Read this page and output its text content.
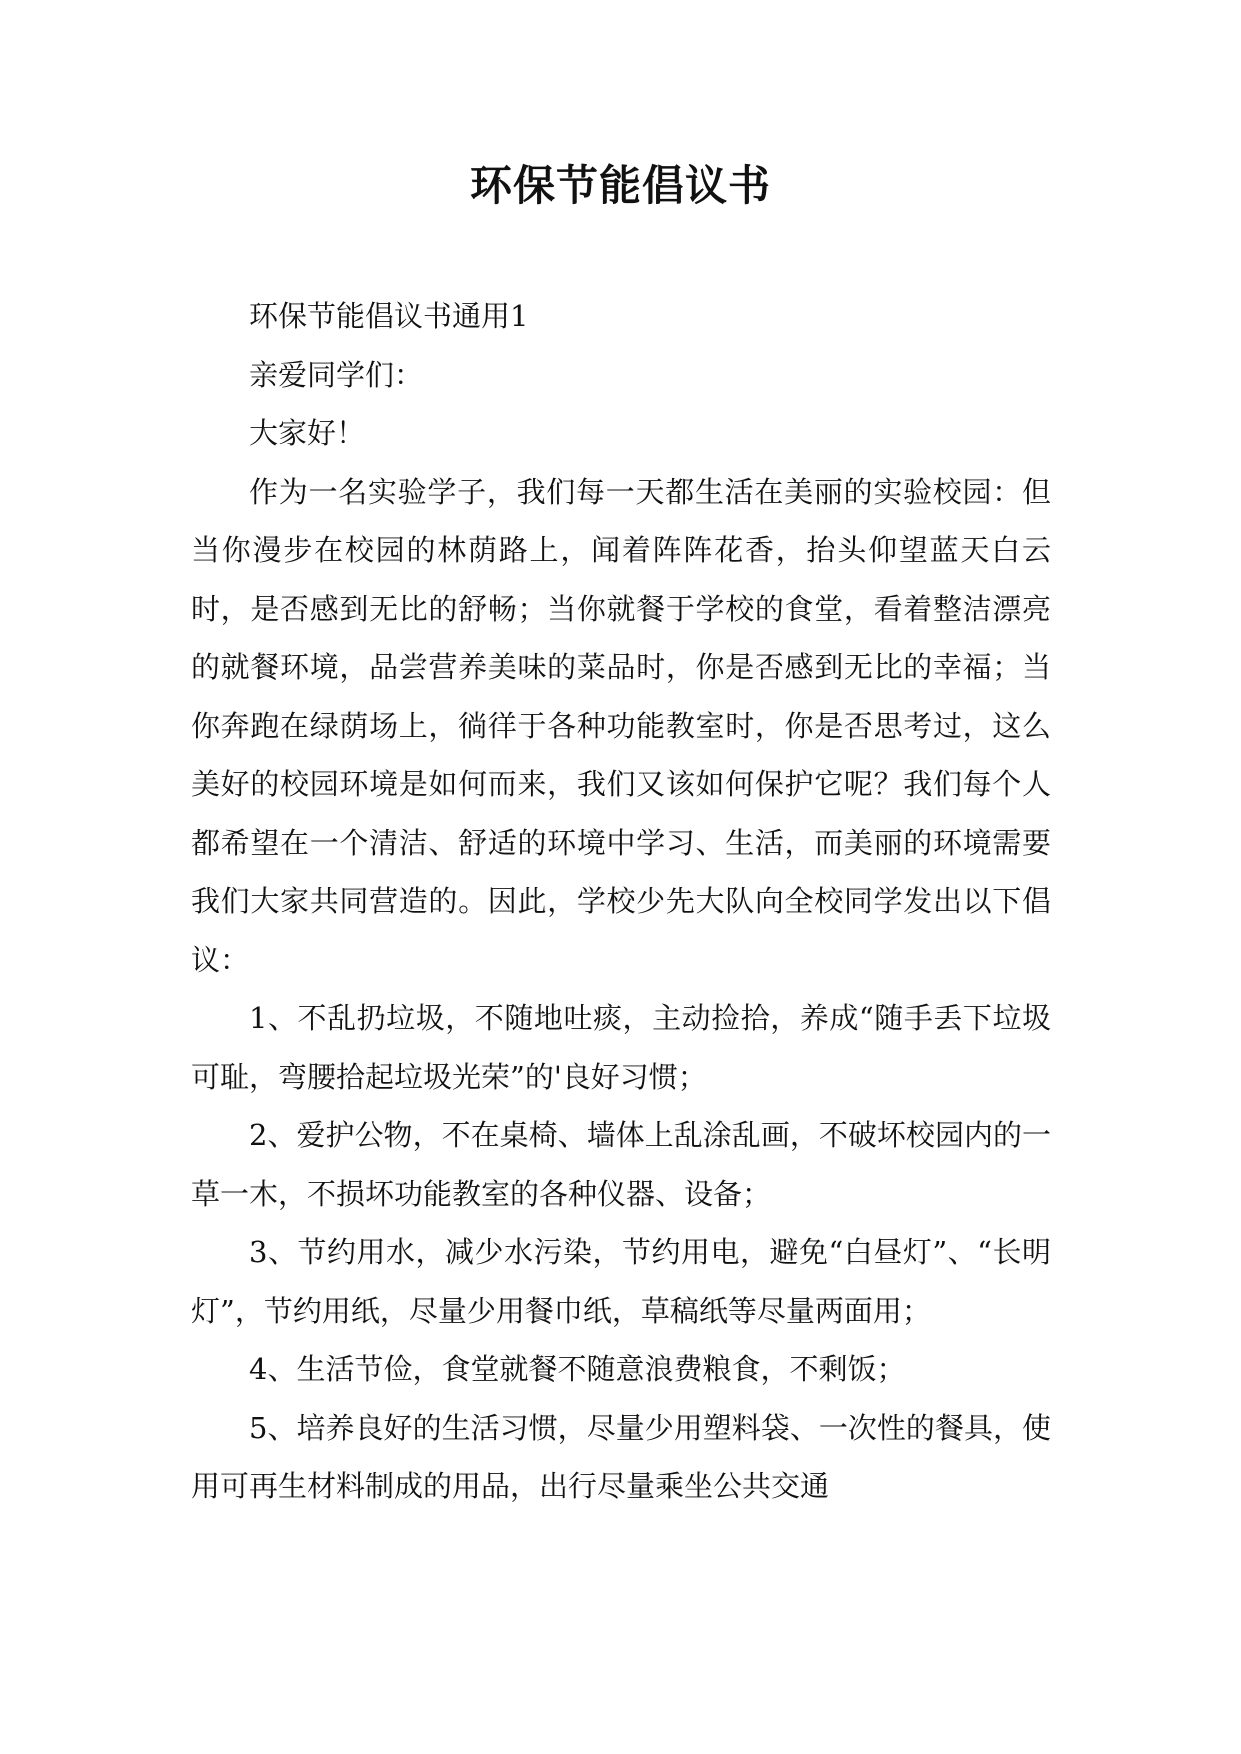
环保节能倡议书

环保节能倡议书通用1

亲爱同学们：

大家好！

作为一名实验学子，我们每一天都生活在美丽的实验校园：但当你漫步在校园的林荫路上，闻着阵阵花香，抬头仰望蓝天白云时，是否感到无比的舒畅；当你就餐于学校的食堂，看着整洁漂亮的就餐环境，品尝营养美味的菜品时，你是否感到无比的幸福；当你奔跑在绿荫场上，徜徉于各种功能教室时，你是否思考过，这么美好的校园环境是如何而来，我们又该如何保护它呢？我们每个人都希望在一个清洁、舒适的环境中学习、生活，而美丽的环境需要我们大家共同营造的。因此，学校少先大队向全校同学发出以下倡议：

1、不乱扔垃圾，不随地吐痰，主动捡拾，养成“随手丢下垃圾可耻，弯腰拾起垃圾光荣”的'良好习惯；

2、爱护公物，不在桌椅、墙体上乱涂乱画，不破坏校园内的一草一木，不损坏功能教室的各种仪器、设备；

3、节约用水，减少水污染，节约用电，避免“白昼灯”、“长明灯”，节约用纸，尽量少用餐巾纸，草稿纸等尽量两面用；

4、生活节俭，食堂就餐不随意浪费粮食，不剩饭；

5、培养良好的生活习惯，尽量少用塑料袋、一次性的餐具，使用可再生材料制成的用品，出行尽量乘坐公共交通
